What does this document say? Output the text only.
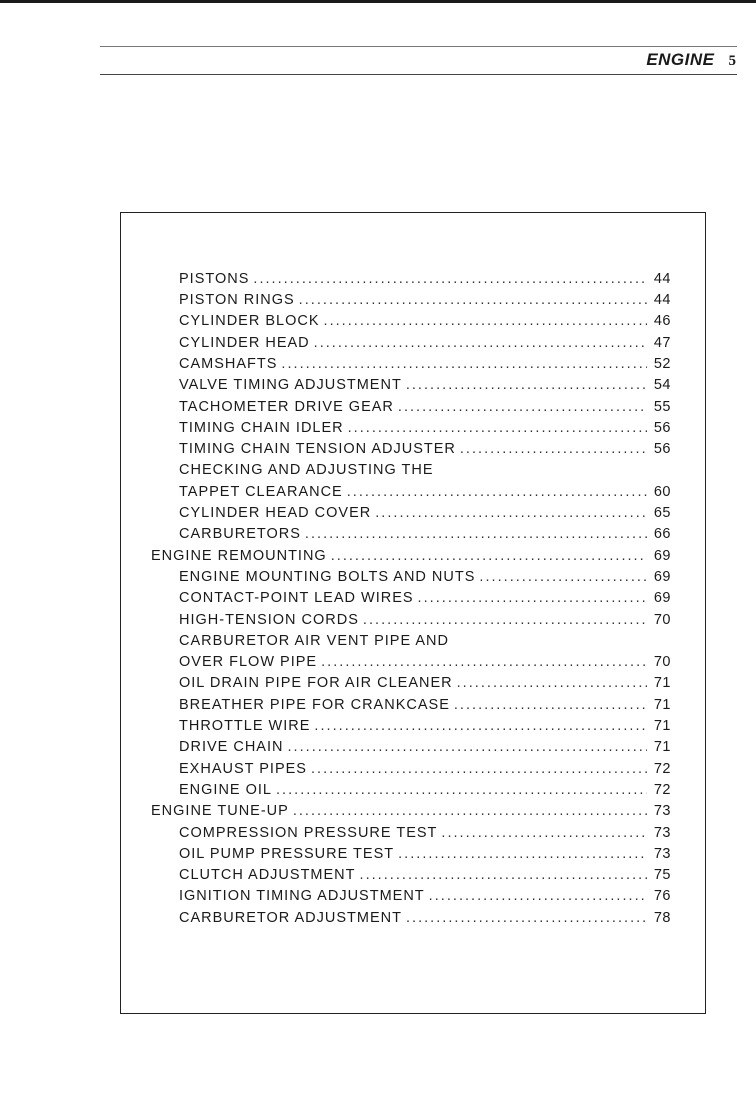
ENGINE 5
PISTONS . . .	44
PISTON RINGS . . .	44
CYLINDER BLOCK . . .	46
CYLINDER HEAD . . .	47
CAMSHAFTS . . .	52
VALVE TIMING ADJUSTMENT . . .	54
TACHOMETER DRIVE GEAR . . .	55
TIMING CHAIN IDLER . . .	56
TIMING CHAIN TENSION ADJUSTER . . .	56
CHECKING AND ADJUSTING THE
TAPPET CLEARANCE . . .	60
CYLINDER HEAD COVER . . .	65
CARBURETORS . . .	66
ENGINE REMOUNTING . . .	69
ENGINE MOUNTING BOLTS AND NUTS . . .	69
CONTACT-POINT LEAD WIRES . . .	69
HIGH-TENSION CORDS . . .	70
CARBURETOR AIR VENT PIPE AND
OVER FLOW PIPE . . .	70
OIL DRAIN PIPE FOR AIR CLEANER . . .	71
BREATHER PIPE FOR CRANKCASE . . .	71
THROTTLE WIRE . . .	71
DRIVE CHAIN . . .	71
EXHAUST PIPES . . .	72
ENGINE OIL . . .	72
ENGINE TUNE-UP . . .	73
COMPRESSION PRESSURE TEST . . .	73
OIL PUMP PRESSURE TEST . . .	73
CLUTCH ADJUSTMENT . . .	75
IGNITION TIMING ADJUSTMENT . . .	76
CARBURETOR ADJUSTMENT . . .	78
